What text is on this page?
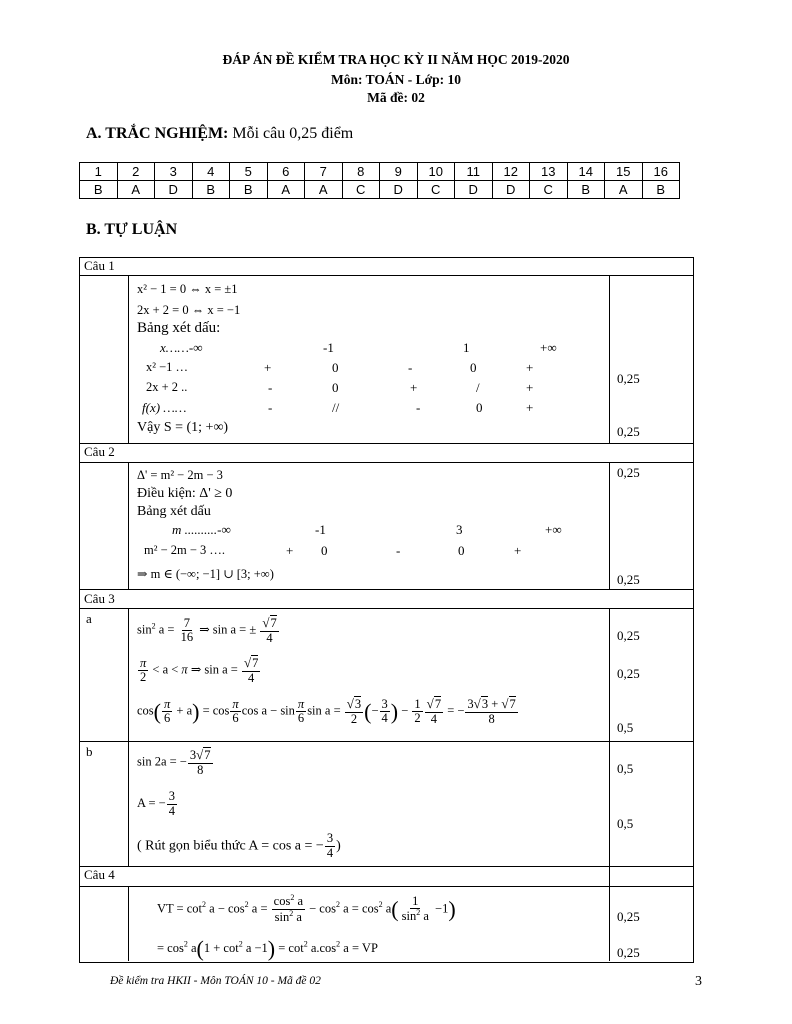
ĐÁP ÁN ĐỀ KIỂM TRA HỌC KỲ II NĂM HỌC 2019-2020
Môn: TOÁN - Lớp: 10
Mã đề: 02
A. TRẮC NGHIỆM: Mỗi câu 0,25 điểm
1	2	3	4	5	6	7	8	9	10	11	12	13	14	15	16
B	A	D	B	B	A	A	C	D	C	D	D	C	B	A	B
B. TỰ LUẬN
Câu 1
x² − 1 = 0 ⇔ x = ±1
2x + 2 = 0 ⇔ x = −1
Bảng xét dấu:
x……-∞	-1	1	+∞
x² −1 …	+	0	-	0	+
2x + 2 ..	-	0	+	/	+
f(x) ……	-	//	-	0	+
Vậy S = (1; +∞)
0,25
0,25
Câu 2
Δ' = m² − 2m − 3
Điều kiện: Δ' ≥ 0
Bảng xét dấu
m ..........-∞	-1	3	+∞
m² − 2m − 3 ….	+ 0	-	0	+
⇒ m ∈ (−∞; −1] ∪ [3; +∞)
0,25
0,25
Câu 3
a
$\sin^2 a = \frac{7}{16}$ ⇒ sin a = ± $\frac{√7}{4}$
$\frac{\pi}{2} < a < \pi$ ⇒ $\sin a = \frac{√7}{4}$
$\cos( \frac{\pi}{6} + a) = \cos \frac{\pi}{6}$ $\cos a - \sin \frac{\pi}{6}$ $\sin a = \frac{√3}{2}$ (− $\frac{3}{4}$ ) − $\frac{1}{2} \frac{√7}{4}$ = − $\frac{3√3 + √7}{8}$
0,25
0,25
0,5
b
sin 2a = − $\frac{3√7}{8}$
A = − $\frac{3}{4}$
( Rút gọn biểu thức A = cos a = − $\frac{3}{4}$ )
0,5
0,5
Câu 4
VT = $\cot^2 a - \cos^2 a = \frac{\cos^2 a}{\sin^2 a} - \cos^2 a = \cos^2 a( \frac{1}{\sin^2 a} -1)$
= $\cos^2 a(1 + \cot^2 a -1) = \cot^2 a.\cos^2$ a = VP
0,25
0,25
Đề kiểm tra HKII - Môn TOÁN 10 - Mã đề 02	3
